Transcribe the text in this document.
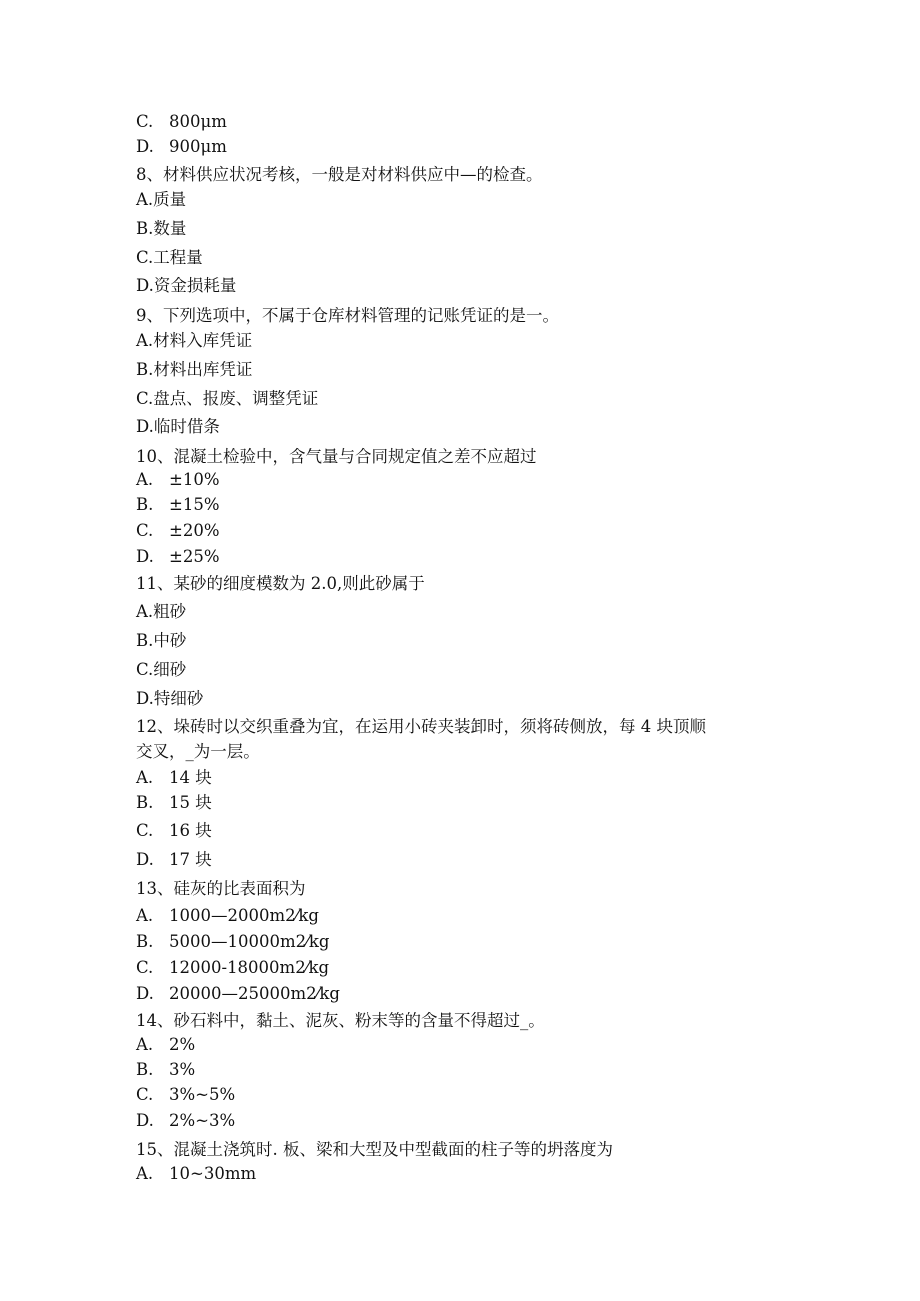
C. 800μm
D. 900μm
8、材料供应状况考核，一般是对材料供应中—的检查。
A.质量
B.数量
C.工程量
D.资金损耗量
9、下列选项中，不属于仓库材料管理的记账凭证的是一。
A.材料入库凭证
B.材料出库凭证
C.盘点、报废、调整凭证
D.临时借条
10、混凝土检验中，含气量与合同规定值之差不应超过
A. ±10%
B. ±15%
C. ±20%
D. ±25%
11、某砂的细度模数为 2.0,则此砂属于
A.粗砂
B.中砂
C.细砂
D.特细砂
12、垛砖时以交织重叠为宜，在运用小砖夹装卸时，须将砖侧放，每 4 块顶顺
交叉，_为一层。
A. 14 块
B. 15 块
C. 16 块
D. 17 块
13、硅灰的比表面积为
A. 1000—2000m2⁄kg
B. 5000—10000m2⁄kg
C. 12000-18000m2⁄kg
D. 20000—25000m2⁄kg
14、砂石料中，黏土、泥灰、粉末等的含量不得超过_。
A. 2%
B. 3%
C. 3%~5%
D. 2%~3%
15、混凝土浇筑时. 板、梁和大型及中型截面的柱子等的坍落度为
A. 10~30mm
